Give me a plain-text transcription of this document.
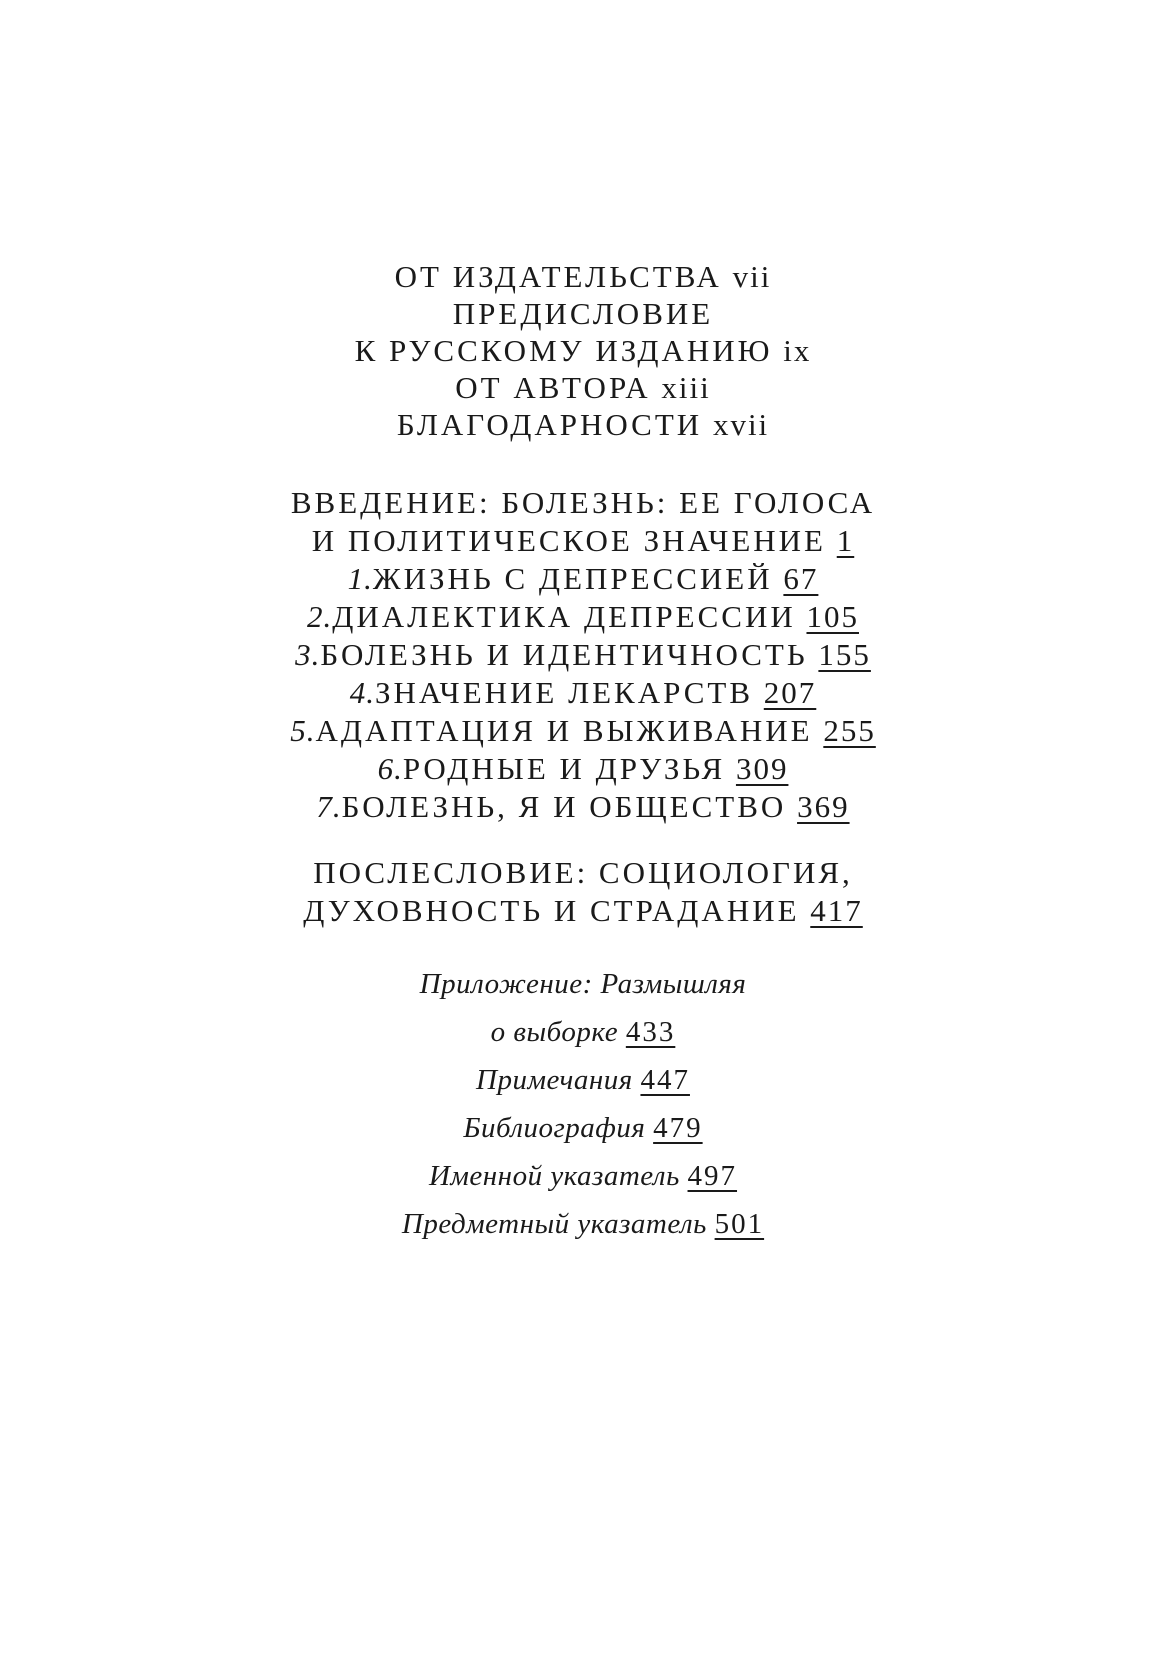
ОТ ИЗДАТЕЛЬСТВА vii
ПРЕДИСЛОВИЕ
К РУССКОМУ ИЗДАНИЮ ix
ОТ АВТОРА xiii
БЛАГОДАРНОСТИ xvii
ВВЕДЕНИЕ: БОЛЕЗНЬ: ЕЕ ГОЛОСА
И ПОЛИТИЧЕСКОЕ ЗНАЧЕНИЕ 1
1.ЖИЗНЬ С ДЕПРЕССИЕЙ 67
2.ДИАЛЕКТИКА ДЕПРЕССИИ 105
3.БОЛЕЗНЬ И ИДЕНТИЧНОСТЬ 155
4.ЗНАЧЕНИЕ ЛЕКАРСТВ 207
5.АДАПТАЦИЯ И ВЫЖИВАНИЕ 255
6.РОДНЫЕ И ДРУЗЬЯ 309
7.БОЛЕЗНЬ, Я И ОБЩЕСТВО 369
ПОСЛЕСЛОВИЕ: СОЦИОЛОГИЯ,
ДУХОВНОСТЬ И СТРАДАНИЕ 417
Приложение: Размышляя
о выборке 433
Примечания 447
Библиография 479
Именной указатель 497
Предметный указатель 501
